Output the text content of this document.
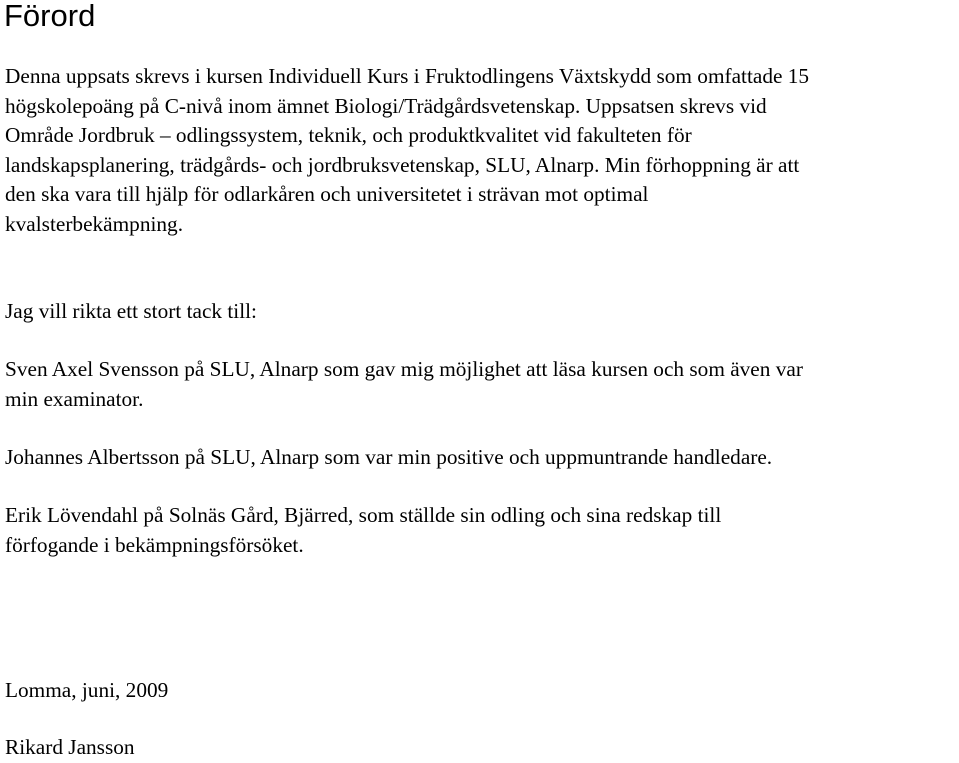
Förord

Denna uppsats skrevs i kursen Individuell Kurs i Fruktodlingens Växtskydd som omfattade 15
högskolepoäng på C-nivå inom ämnet Biologi/Trädgårdsvetenskap. Uppsatsen skrevs vid
Område Jordbruk – odlingssystem, teknik, och produktkvalitet vid fakulteten för
landskapsplanering, trädgårds- och jordbruksvetenskap, SLU, Alnarp. Min förhoppning är att
den ska vara till hjälp för odlarkåren och universitetet i strävan mot optimal
kvalsterbekämpning.

Jag vill rikta ett stort tack till:

Sven Axel Svensson på SLU, Alnarp som gav mig möjlighet att läsa kursen och som även var
min examinator.

Johannes Albertsson på SLU, Alnarp som var min positive och uppmuntrande handledare.

Erik Lövendahl på Solnäs Gård, Bjärred, som ställde sin odling och sina redskap till
förfogande i bekämpningsförsöket.

Lomma, juni, 2009

Rikard Jansson
